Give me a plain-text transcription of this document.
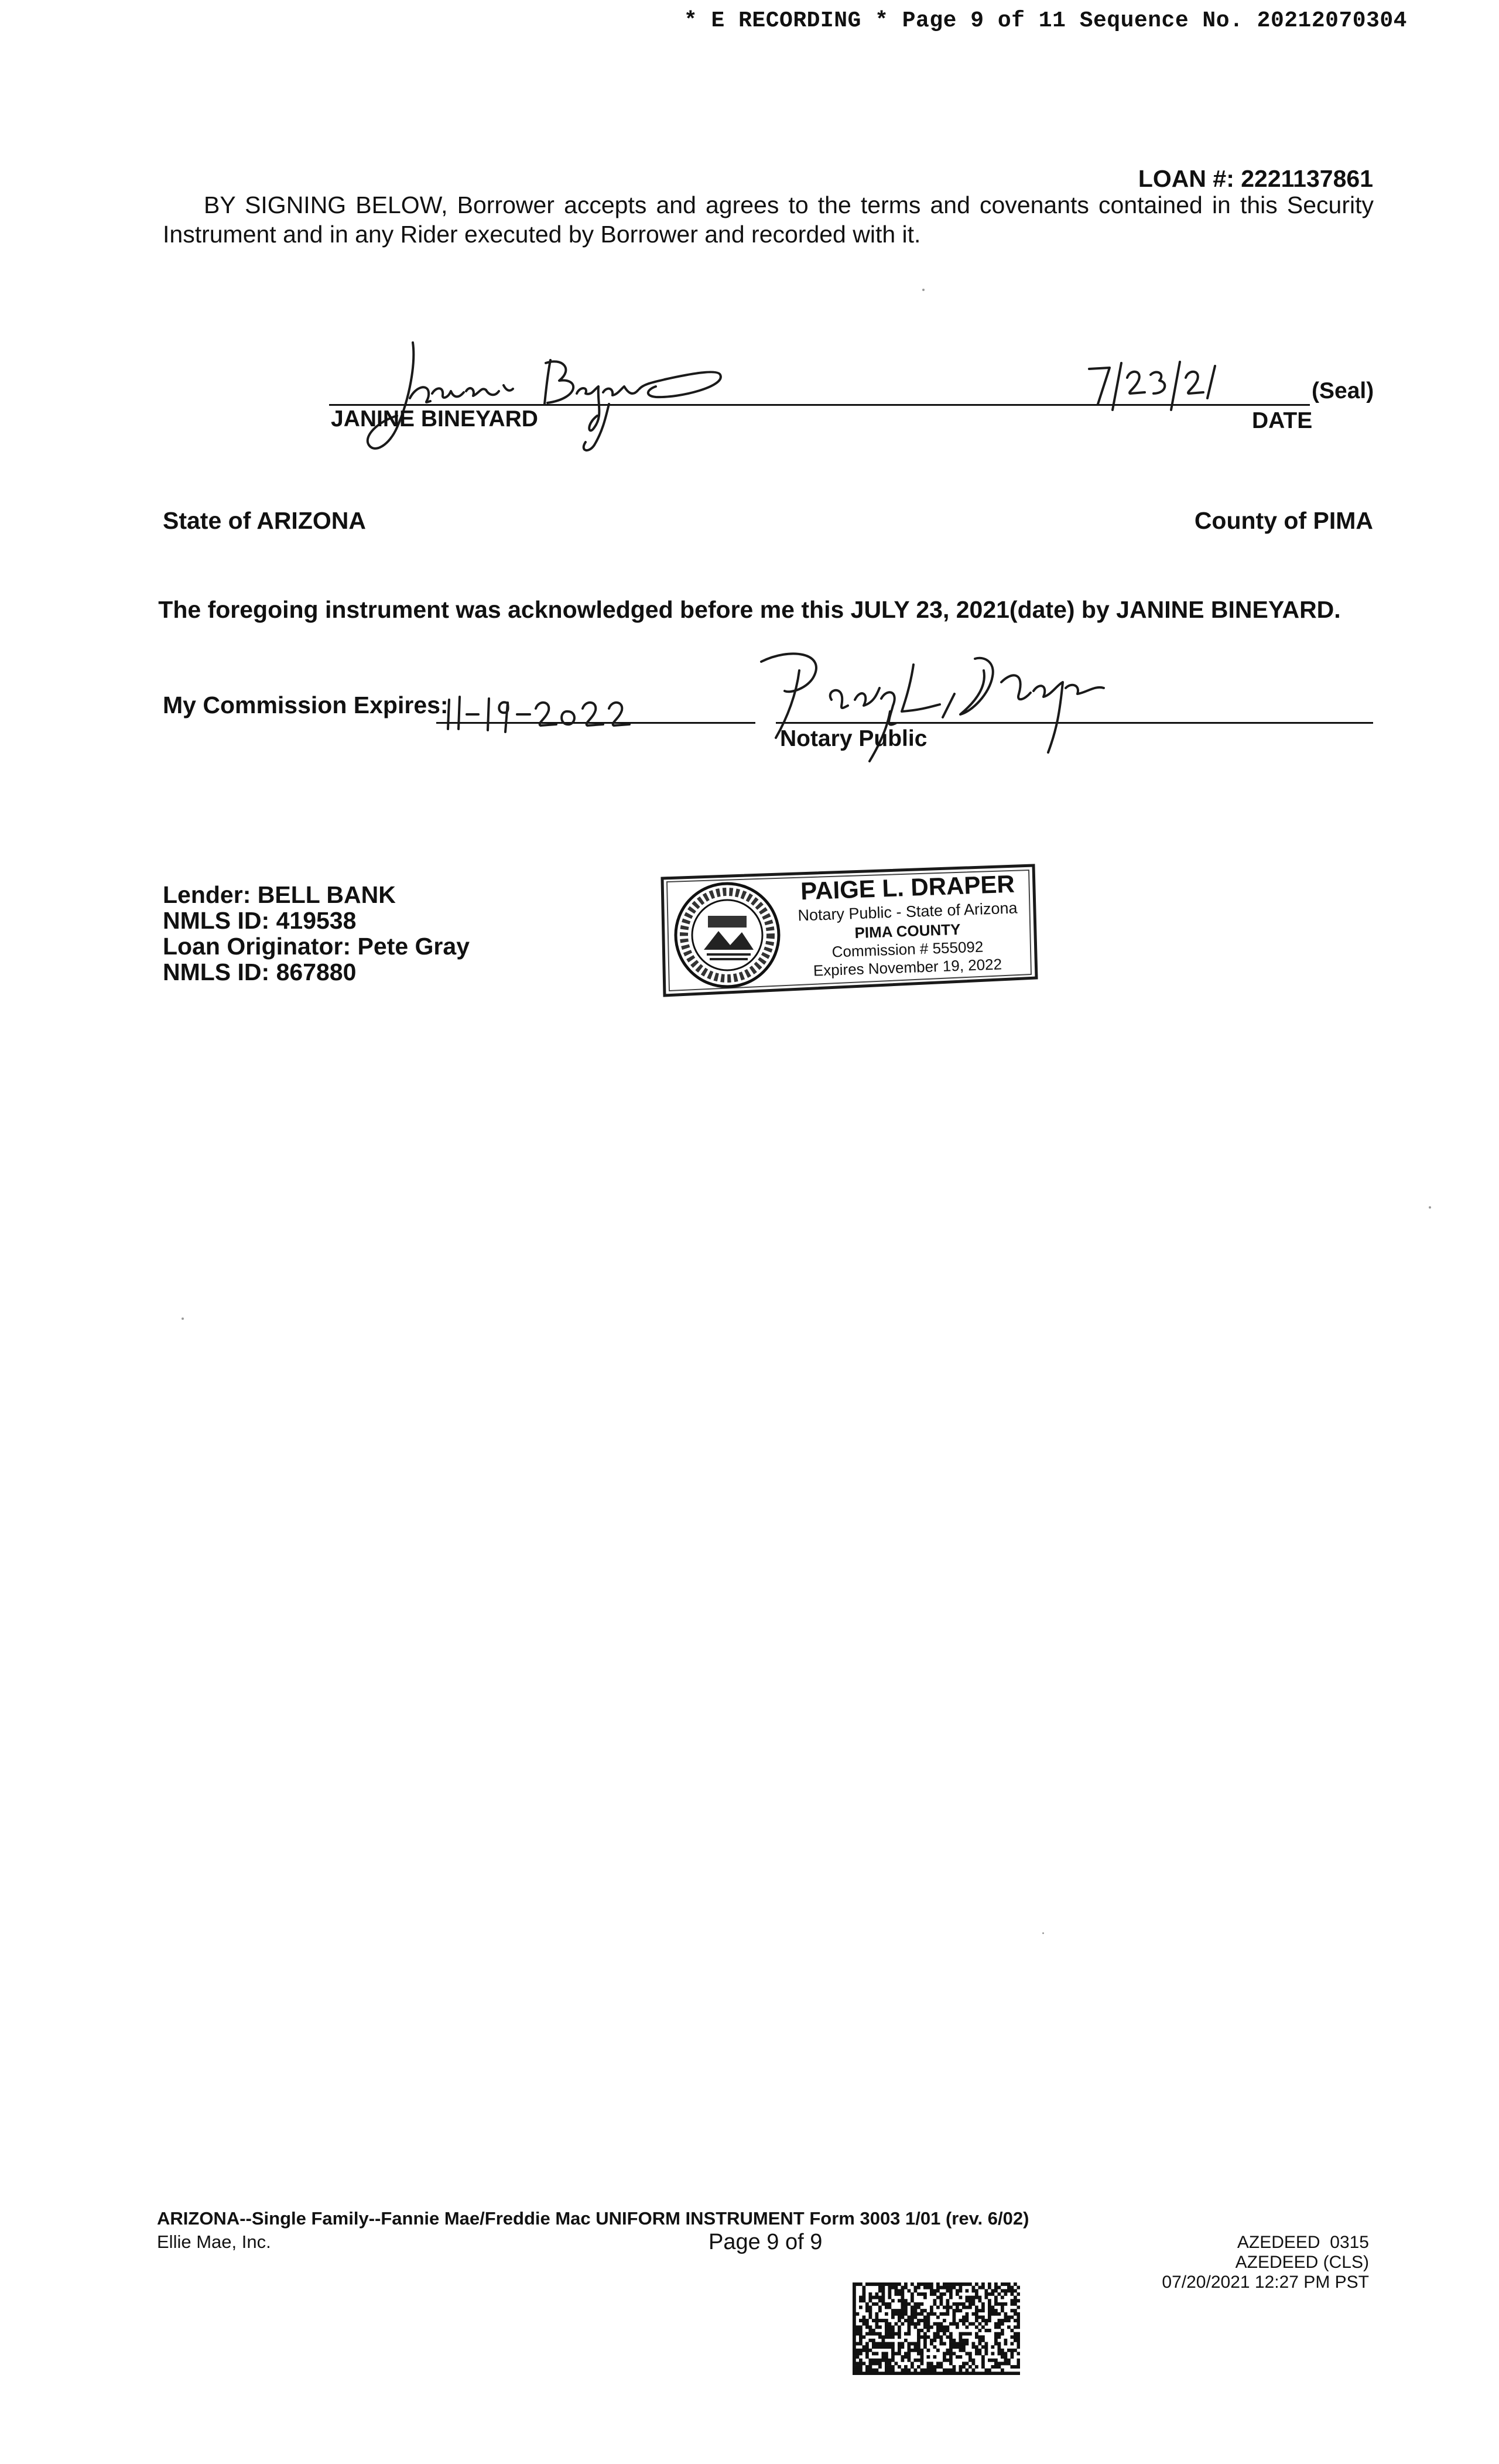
* E RECORDING * Page 9 of 11 Sequence No. 20212070304
LOAN #: 2221137861
BY SIGNING BELOW, Borrower accepts and agrees to the terms and covenants contained in this Security Instrument and in any Rider executed by Borrower and recorded with it.
JANINE BINEYARD
(Seal)
DATE
State of ARIZONA	County of PIMA
The foregoing instrument was acknowledged before me this JULY 23, 2021(date) by JANINE BINEYARD.
My Commission Expires:
Notary Public
Lender: BELL BANK
NMLS ID: 419538
Loan Originator: Pete Gray
NMLS ID: 867880
PAIGE L. DRAPER
Notary Public - State of Arizona
PIMA COUNTY
Commission # 555092
Expires November 19, 2022
ARIZONA--Single Family--Fannie Mae/Freddie Mac UNIFORM INSTRUMENT Form 3003 1/01 (rev. 6/02)
Ellie Mae, Inc.	Page 9 of 9	AZEDEED  0315
AZEDEED (CLS)
07/20/2021 12:27 PM PST
